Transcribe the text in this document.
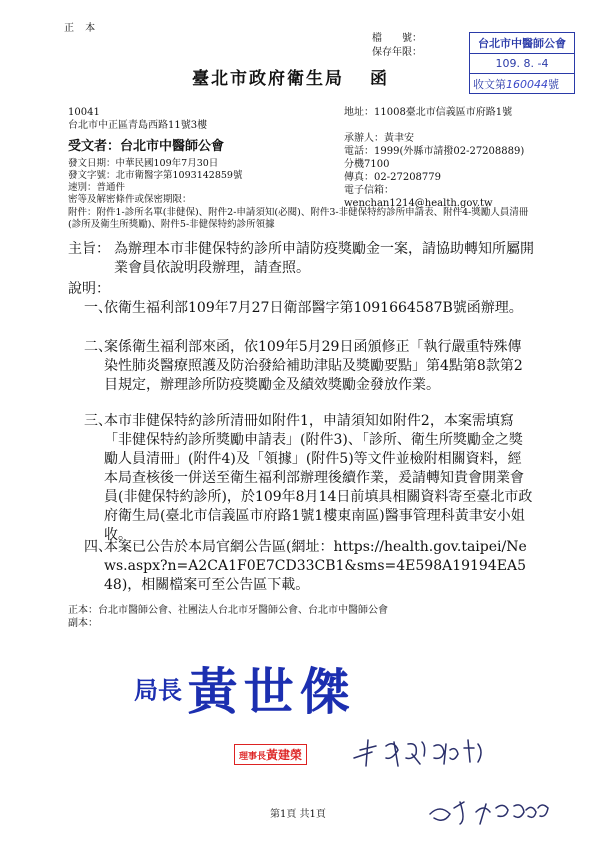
正 本
檔　　號：
保存年限：
台北市中醫師公會
109. 8. -4
收文第160044號
臺北市政府衛生局 函
10041
台北市中正區青島西路11號3樓
地址：11008臺北市信義區市府路1號
承辦人：黃聿安
電話：1999(外縣市請撥02-27208889)分機7100
傳真：02-27208779
電子信箱：wenchan1214@health.gov.tw
受文者：台北市中醫師公會
發文日期：中華民國109年7月30日
發文字號：北市衛醫字第1093142859號
速別：普通件
密等及解密條件或保密期限：
附件：附件1-診所名單(非健保)、附件2-申請須知(必閱)、附件3-非健保特約診所申請表、附件4-獎勵人員清冊(診所及衛生所獎勵)、附件5-非健保特約診所領據
主旨： 為辦理本市非健保特約診所申請防疫獎勵金一案，請協助轉知所屬開業會員依說明段辦理，請查照。
說明：
一、
依衛生福利部109年7月27日衛部醫字第1091664587B號函辦理。
二、
案係衛生福利部來函，依109年5月29日函頒修正「執行嚴重特殊傳染性肺炎醫療照護及防治發給補助津貼及獎勵要點」第4點第8款第2目規定，辦理診所防疫獎勵金及績效獎勵金發放作業。
三、
本市非健保特約診所清冊如附件1，申請須知如附件2，本案需填寫「非健保特約診所獎勵申請表」(附件3)、「診所、衛生所獎勵金之獎勵人員清冊」(附件4)及「領據」(附件5)等文件並檢附相關資料，經本局查核後一併送至衛生福利部辦理後續作業，爰請轉知貴會開業會員(非健保特約診所)，於109年8月14日前填具相關資料寄至臺北市政府衛生局(臺北市信義區市府路1號1樓東南區)醫事管理科黃聿安小姐收。
四、
本案已公告於本局官網公告區(網址：https://health.gov.taipei/News.aspx?n=A2CA1F0E7CD33CB1&sms=4E598A19194EA548)，相關檔案可至公告區下載。
正本：台北市醫師公會、社團法人台北市牙醫師公會、台北市中醫師公會
副本：
局長 黃世傑
理事長黃建榮
第1頁 共1頁
